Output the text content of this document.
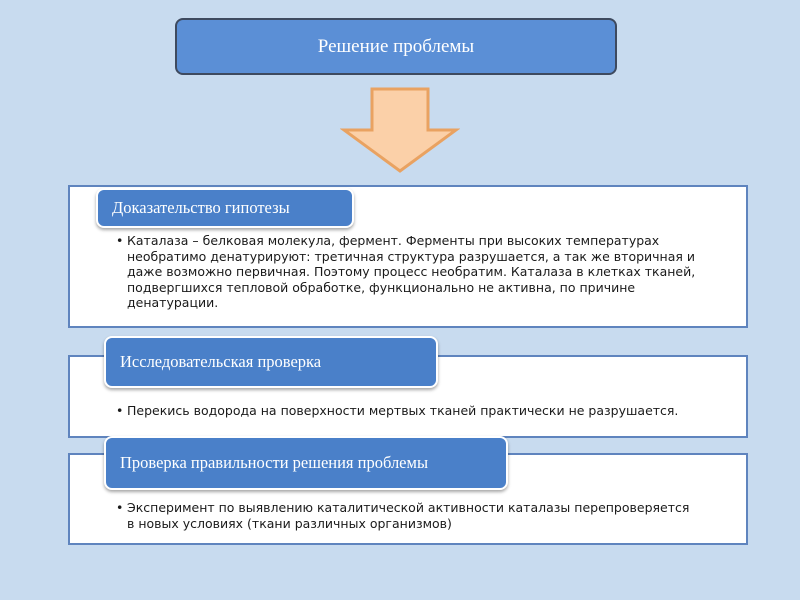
Решение проблемы
Доказательство гипотезы
• Каталаза – белковая молекула, фермент. Ферменты при высоких температурах необратимо денатурируют: третичная структура разрушается, а так же вторичная и даже возможно первичная. Поэтому процесс необратим. Каталаза в клетках тканей, подвергшихся тепловой обработке, функционально не активна, по причине денатурации.
Исследовательская проверка
• Перекись водорода на поверхности мертвых тканей практически не разрушается.
Проверка правильности решения проблемы
• Эксперимент по выявлению каталитической активности каталазы перепроверяется в новых условиях (ткани различных организмов)
